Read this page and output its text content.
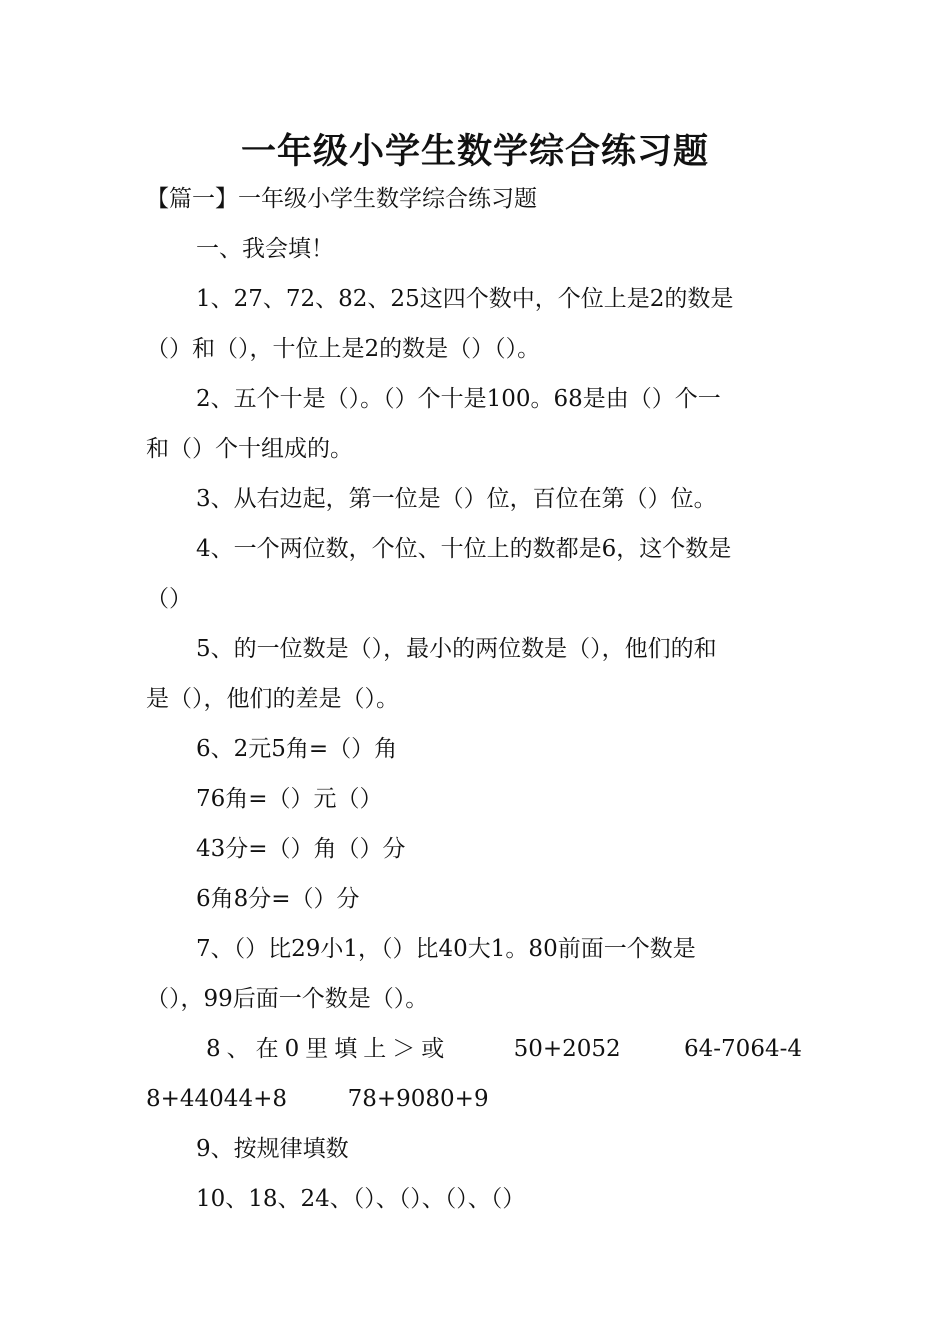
一年级小学生数学综合练习题
【篇一】一年级小学生数学综合练习题
一、我会填！
1、27、72、82、25这四个数中，个位上是2的数是
（）和（），十位上是2的数是（）（）。
2、五个十是（）。（）个十是100。68是由（）个一
和（）个十组成的。
3、从右边起，第一位是（）位，百位在第（）位。
4、一个两位数，个位、十位上的数都是6，这个数是
（）
5、的一位数是（），最小的两位数是（），他们的和
是（），他们的差是（）。
6、2元5角=（）角
76角=（）元（）
43分=（）角（）分
6角8分=（）分
7、（）比29小1，（）比40大1。80前面一个数是
（），99后面一个数是（）。
8、在0里填上＞或	50+2052	64-7064-4
8+44044+8	78+9080+9
9、按规律填数
10、18、24、（）、（）、（）、（）
